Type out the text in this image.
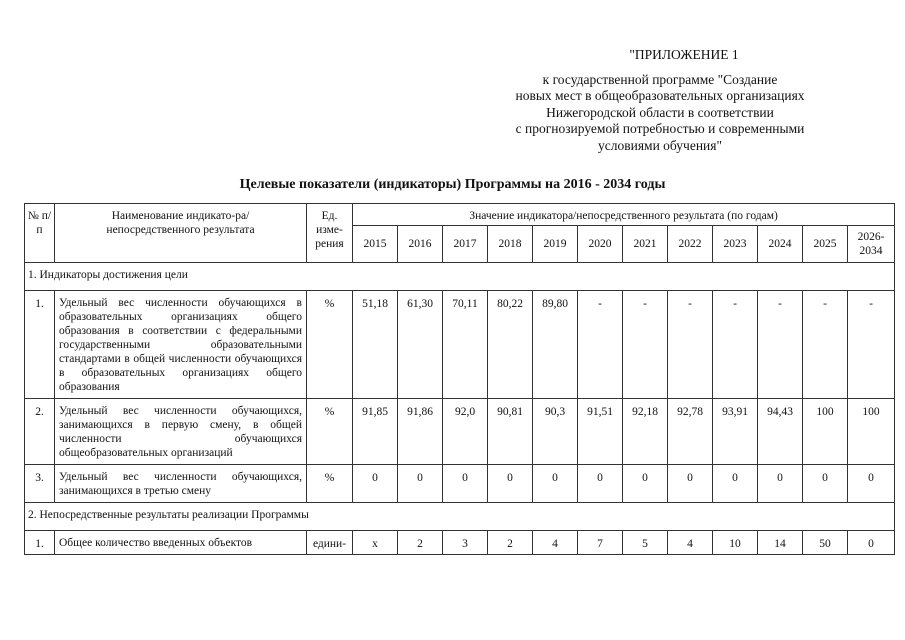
"ПРИЛОЖЕНИЕ 1
к государственной программе "Создание
новых мест в общеобразовательных организациях
Нижегородской области в соответствии
с прогнозируемой потребностью и современными
условиями обучения"
Целевые показатели (индикаторы) Программы на 2016 - 2034 годы
№ п/п	Наименование индикато-ра/непосредственного результата	Ед. изме-рения	Значение индикатора/непосредственного результата (по годам)											
			2015	2016	2017	2018	2019	2020	2021	2022	2023	2024	2025	2026-2034
1. Индикаторы достижения цели														
1.	Удельный вес численности обучающихся в образовательных организациях общего образования в соответствии с федеральными государственными образовательными стандартами в общей численности обучающихся в образовательных организациях общего образования	%	51,18	61,30	70,11	80,22	89,80	-	-	-	-	-	-	-
2.	Удельный вес численности обучающихся, занимающихся в первую смену, в общей численности обучающихся общеобразовательных организаций	%	91,85	91,86	92,0	90,81	90,3	91,51	92,18	92,78	93,91	94,43	100	100
3.	Удельный вес численности обучающихся, занимающихся в третью смену	%	0	0	0	0	0	0	0	0	0	0	0	0
2. Непосредственные результаты реализации Программы														
1.	Общее количество введенных объектов	едини-	x	2	3	2	4	7	5	4	10	14	50	0
